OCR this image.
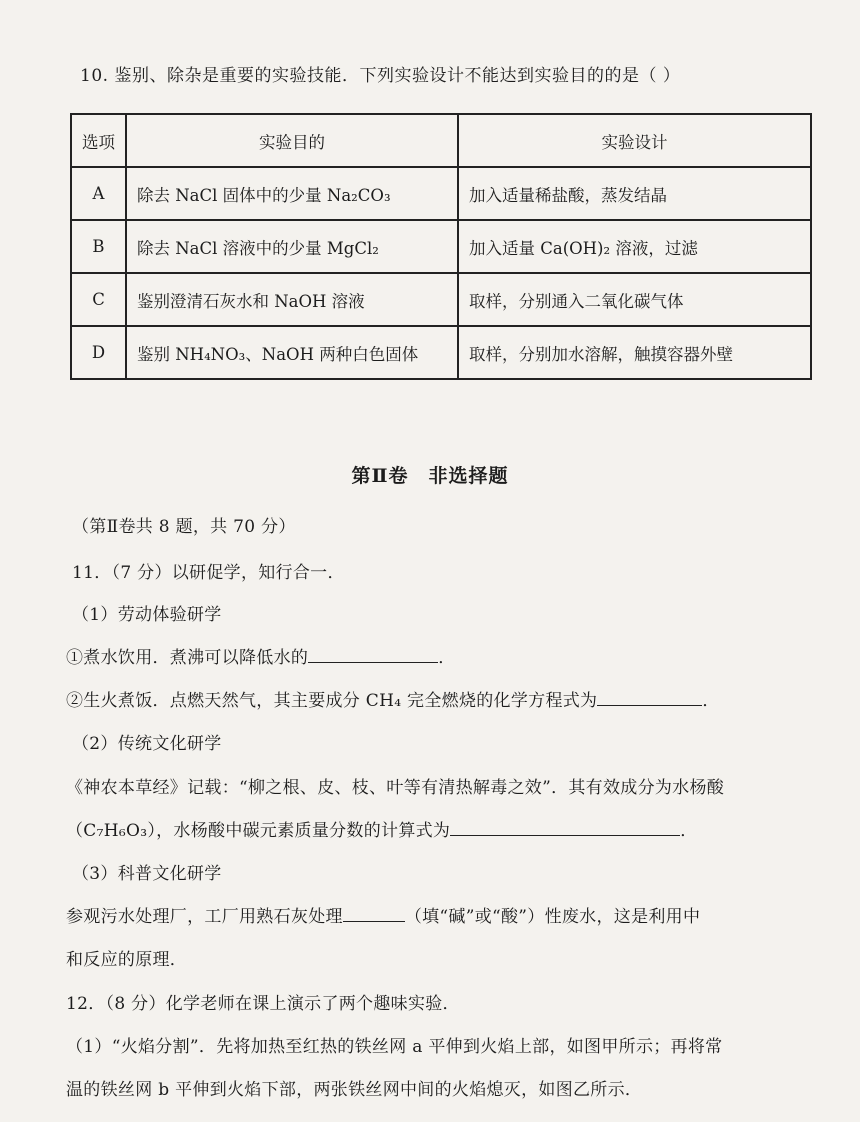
10. 鉴别、除杂是重要的实验技能．下列实验设计不能达到实验目的的是（ ）
选项	实验目的	实验设计
A	除去 NaCl 固体中的少量 Na₂CO₃	加入适量稀盐酸，蒸发结晶
B	除去 NaCl 溶液中的少量 MgCl₂	加入适量 Ca(OH)₂ 溶液，过滤
C	鉴别澄清石灰水和 NaOH 溶液	取样，分别通入二氧化碳气体
D	鉴别 NH₄NO₃、NaOH 两种白色固体	取样，分别加水溶解，触摸容器外壁
第Ⅱ卷　非选择题
（第Ⅱ卷共 8 题，共 70 分）
11．（7 分）以研促学，知行合一．
（1）劳动体验研学
①煮水饮用．煮沸可以降低水的	．
②生火煮饭．点燃天然气，其主要成分 CH₄ 完全燃烧的化学方程式为	．
（2）传统文化研学
《神农本草经》记载：“柳之根、皮、枝、叶等有清热解毒之效”．其有效成分为水杨酸
（C₇H₆O₃），水杨酸中碳元素质量分数的计算式为	．
（3）科普文化研学
参观污水处理厂，工厂用熟石灰处理	（填“碱”或“酸”）性废水，这是利用中
和反应的原理．
12．（8 分）化学老师在课上演示了两个趣味实验．
（1）“火焰分割”．先将加热至红热的铁丝网 a 平伸到火焰上部，如图甲所示；再将常
温的铁丝网 b 平伸到火焰下部，两张铁丝网中间的火焰熄灭，如图乙所示．
